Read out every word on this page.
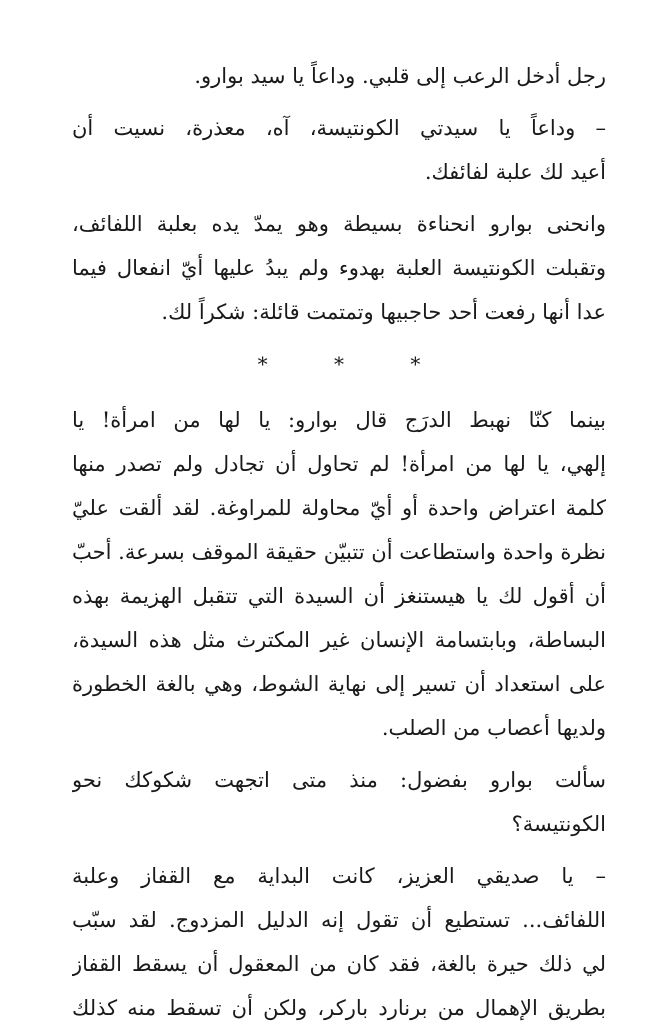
رجل أدخل الرعب إلى قلبي. وداعاً يا سيد بوارو.

– وداعاً يا سيدتي الكونتيسة، آه، معذرة، نسيت أن
أعيد لك علبة لفائفك.

وانحنى بوارو انحناءة بسيطة وهو يمدّ يده بعلبة اللفائف،
وتقبلت الكونتيسة العلبة بهدوء ولم يبدُ عليها أيّ انفعال فيما
عدا أنها رفعت أحد حاجبيها وتمتمت قائلة: شكراً لك.

* * *

بينما كنّا نهبط الدرَج قال بوارو: يا لها من امرأة! يا
إلهي، يا لها من امرأة! لم تحاول أن تجادل ولم تصدر منها
كلمة اعتراض واحدة أو أيّ محاولة للمراوغة. لقد ألقت عليّ
نظرة واحدة واستطاعت أن تتبيّن حقيقة الموقف بسرعة. أحبّ
أن أقول لك يا هيستنغز أن السيدة التي تتقبل الهزيمة بهذه
البساطة، وبابتسامة الإنسان غير المكترث مثل هذه السيدة،
على استعداد أن تسير إلى نهاية الشوط، وهي بالغة الخطورة
ولديها أعصاب من الصلب.

سألت بوارو بفضول: منذ متى اتجهت شكوكك نحو
الكونتيسة؟

– يا صديقي العزيز، كانت البداية مع القفاز وعلبة
اللفائف... تستطيع أن تقول إنه الدليل المزدوج. لقد سبّب
لي ذلك حيرة بالغة، فقد كان من المعقول أن يسقط القفاز
بطريق الإهمال من برنارد باركر، ولكن أن تسقط منه كذلك
